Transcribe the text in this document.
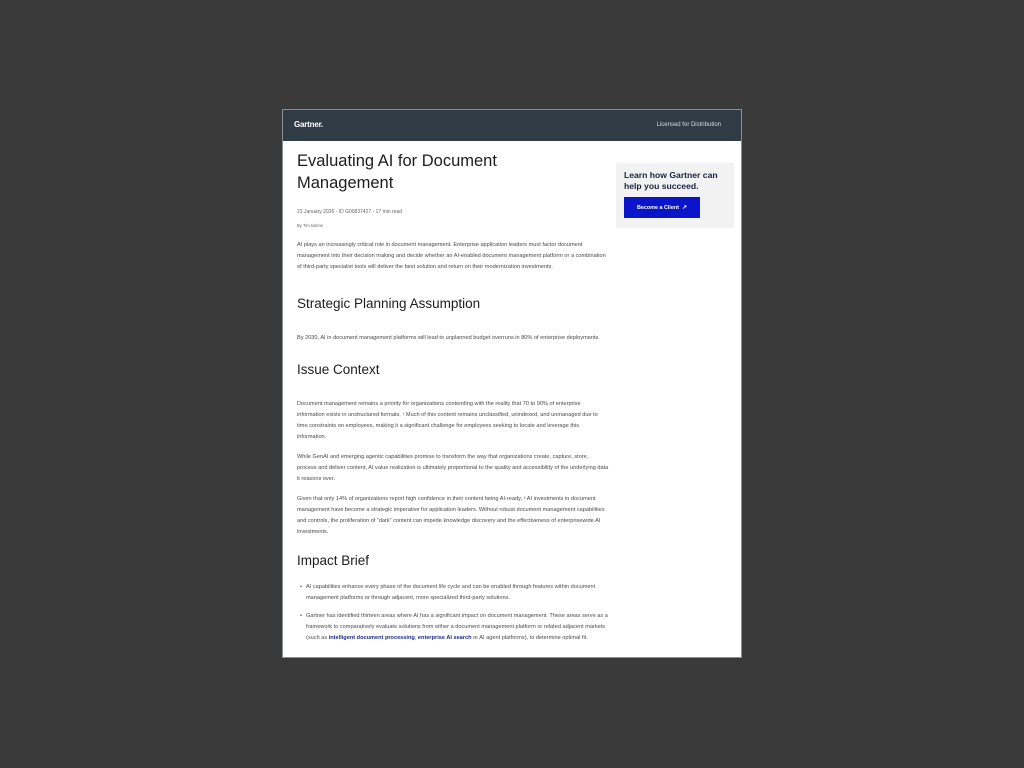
Gartner.	Licensed for Distribution
Evaluating AI for Document Management
23 January 2026 - ID G00837427 - 17 min read
By Tim Nelms

AI plays an increasingly critical role in document management. Enterprise application leaders must factor document management into their decision making and decide whether an AI-enabled document management platform or a combination of third-party specialist tools will deliver the best solution and return on their modernization investments.

Strategic Planning Assumption

By 2030, AI in document management platforms will lead to unplanned budget overruns in 80% of enterprise deployments.

Issue Context

Document management remains a priority for organizations contending with the reality that 70 to 90% of enterprise information exists in unstructured formats. $^1$ Much of this content remains unclassified, unindexed, and unmanaged due to time constraints on employees, making it a significant challenge for employees seeking to locate and leverage this information.

While GenAI and emerging agentic capabilities promise to transform the way that organizations create, capture, store, process and deliver content, AI value realization is ultimately proportional to the quality and accessibility of the underlying data it reasons over.

Given that only 14% of organizations report high confidence in their content being AI-ready, $^2$ AI investments in document management have become a strategic imperative for application leaders. Without robust document management capabilities and controls, the proliferation of “dark” content can impede knowledge discovery and the effectiveness of enterprisewide AI investments.

Impact Brief
• AI capabilities enhance every phase of the document life cycle and can be enabled through features within document management platforms or through adjacent, more specialized third-party solutions.
• Gartner has identified thirteen areas where AI has a significant impact on document management. These areas serve as a framework to comparatively evaluate solutions from either a document management platform or related adjacent markets (such as intelligent document processing, enterprise AI search or AI agent platforms), to determine optimal fit.
Learn how Gartner can help you succeed.
Become a Client ↗
